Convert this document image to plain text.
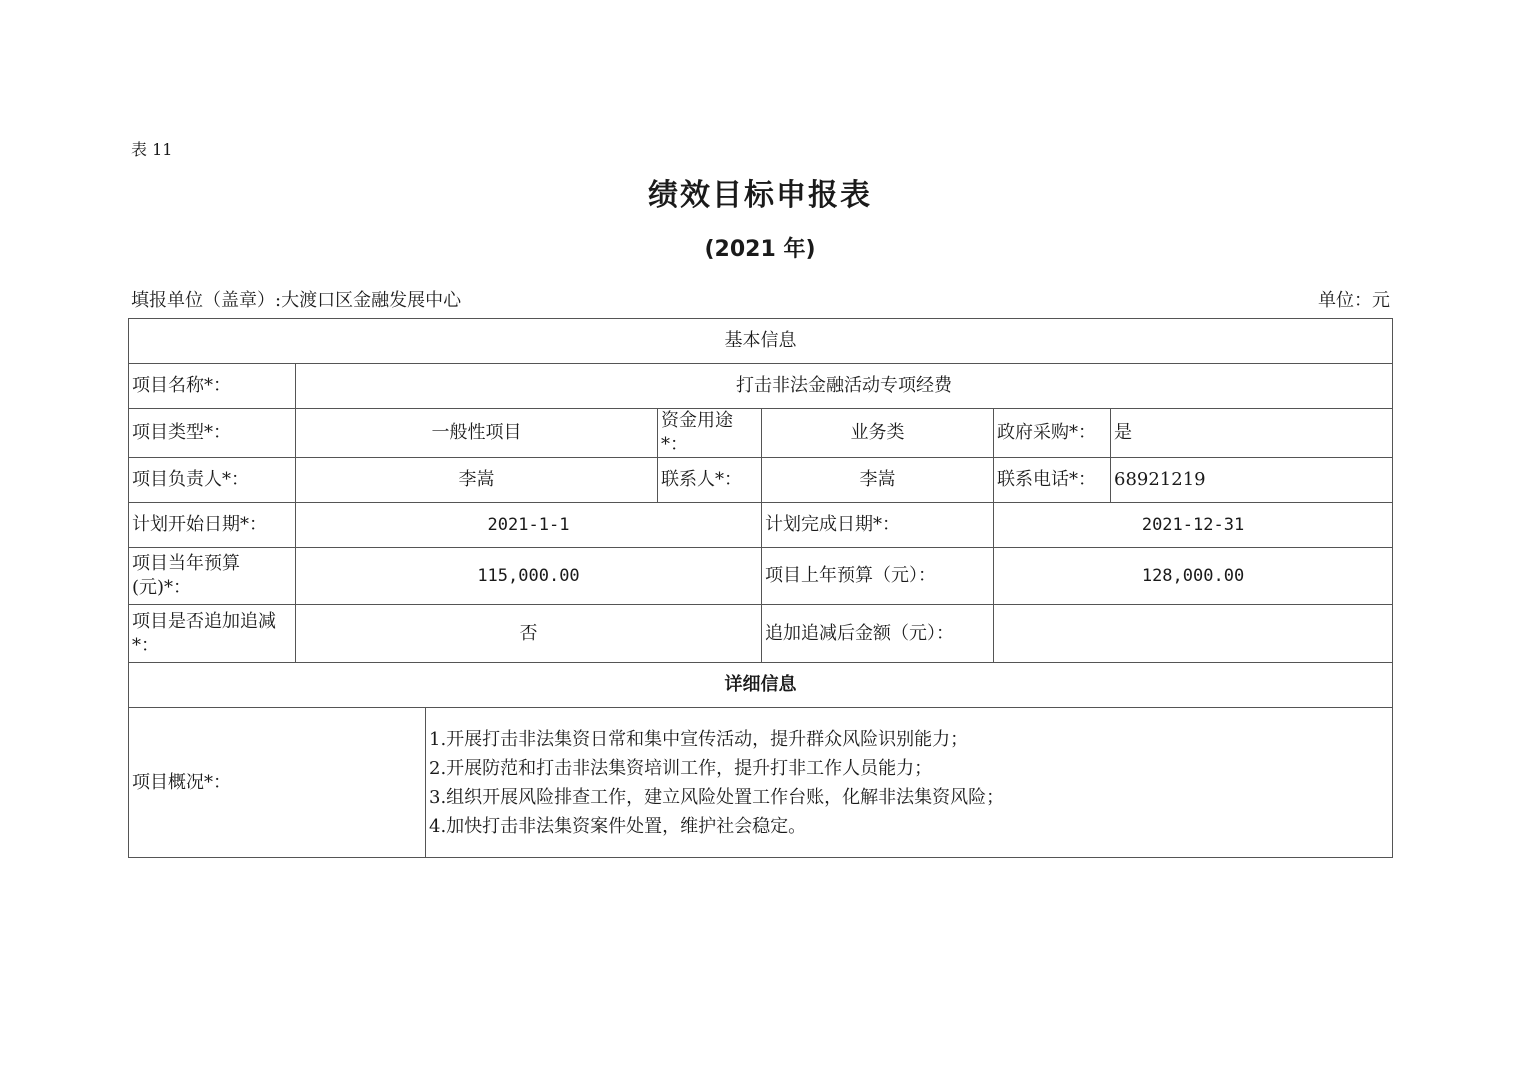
表 11
绩效目标申报表
(2021 年)
填报单位（盖章）:大渡口区金融发展中心	单位：元
基本信息						
项目名称*：	打击非法金融活动专项经费					
项目类型*：	一般性项目		资金用途*：	业务类	政府采购*：	是
项目负责人*：	李嵩		联系人*：	李嵩	联系电话*：	68921219
计划开始日期*：	2021-1-1			计划完成日期*：	2021-12-31	
项目当年预算(元)*：	115,000.00			项目上年预算（元）：	128,000.00	
项目是否追加追减*：	否			追加追减后金额（元）：		
详细信息						
项目概况*：		1.开展打击非法集资日常和集中宣传活动，提升群众风险识别能力；
2.开展防范和打击非法集资培训工作，提升打非工作人员能力；
3.组织开展风险排查工作，建立风险处置工作台账，化解非法集资风险；
4.加快打击非法集资案件处置，维护社会稳定。				
